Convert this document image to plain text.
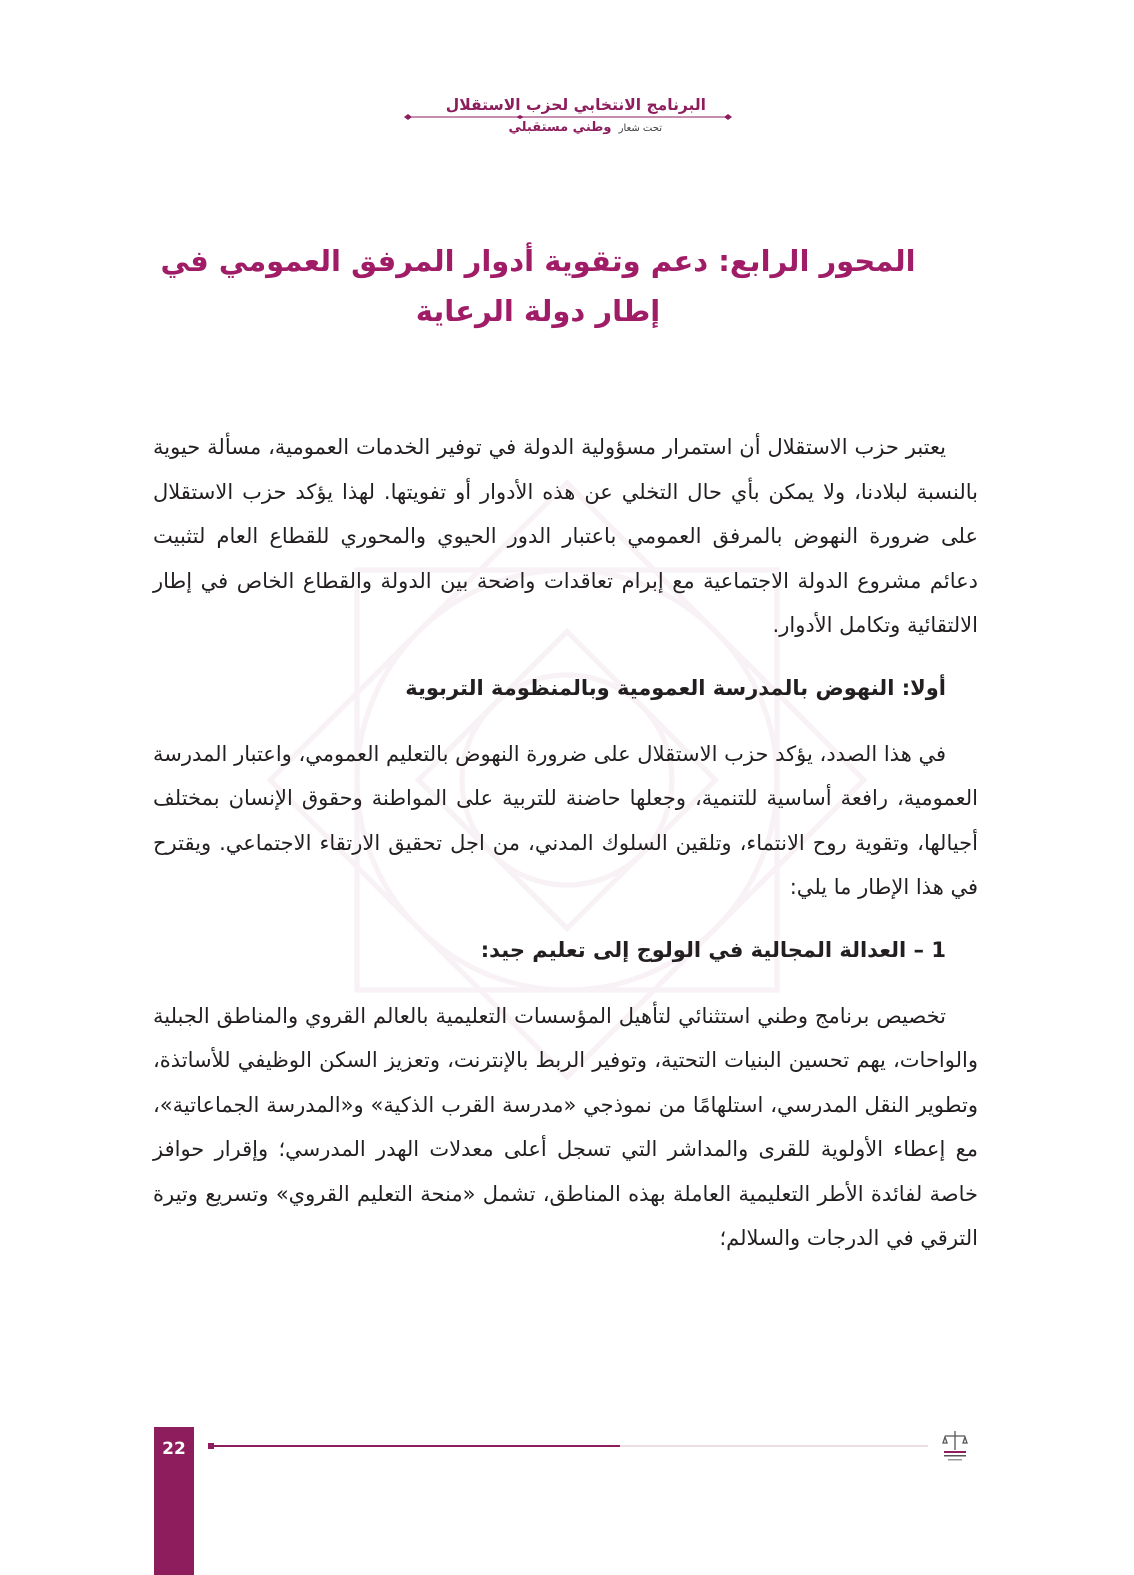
البرنامج الانتخابي لحزب الاستقلال
تحت شعار وطني مستقبلي
المحور الرابع: دعم وتقوية أدوار المرفق العمومي في إطار دولة الرعاية

يعتبر حزب الاستقلال أن استمرار مسؤولية الدولة في توفير الخدمات العمومية، مسألة حيوية بالنسبة لبلادنا، ولا يمكن بأي حال التخلي عن هذه الأدوار أو تفويتها. لهذا يؤكد حزب الاستقلال على ضرورة النهوض بالمرفق العمومي باعتبار الدور الحيوي والمحوري للقطاع العام لتثبيت دعائم مشروع الدولة الاجتماعية مع إبرام تعاقدات واضحة بين الدولة والقطاع الخاص في إطار الالتقائية وتكامل الأدوار.

أولا: النهوض بالمدرسة العمومية وبالمنظومة التربوية

في هذا الصدد، يؤكد حزب الاستقلال على ضرورة النهوض بالتعليم العمومي، واعتبار المدرسة العمومية، رافعة أساسية للتنمية، وجعلها حاضنة للتربية على المواطنة وحقوق الإنسان بمختلف أجيالها، وتقوية روح الانتماء، وتلقين السلوك المدني، من اجل تحقيق الارتقاء الاجتماعي. ويقترح في هذا الإطار ما يلي:

1 – العدالة المجالية في الولوج إلى تعليم جيد:

تخصيص برنامج وطني استثنائي لتأهيل المؤسسات التعليمية بالعالم القروي والمناطق الجبلية والواحات، يهم تحسين البنيات التحتية، وتوفير الربط بالإنترنت، وتعزيز السكن الوظيفي للأساتذة، وتطوير النقل المدرسي، استلهامًا من نموذجي «مدرسة القرب الذكية» و«المدرسة الجماعاتية»، مع إعطاء الأولوية للقرى والمداشر التي تسجل أعلى معدلات الهدر المدرسي؛ وإقرار حوافز خاصة لفائدة الأطر التعليمية العاملة بهذه المناطق، تشمل «منحة التعليم القروي» وتسريع وتيرة الترقي في الدرجات والسلالم؛

22
